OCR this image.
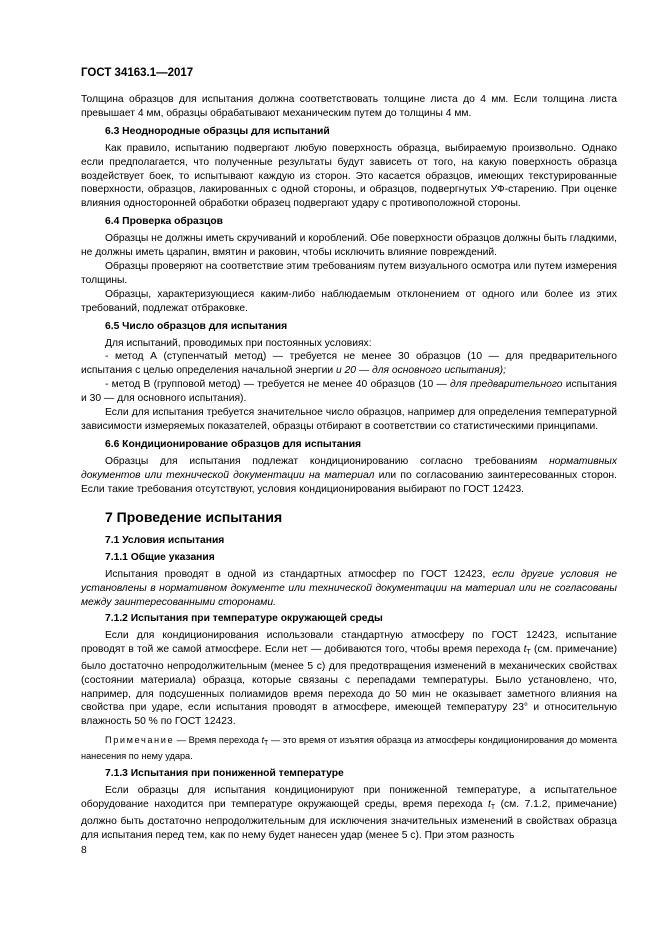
ГОСТ 34163.1—2017

Толщина образцов для испытания должна соответствовать толщине листа до 4 мм. Если толщина листа превышает 4 мм, образцы обрабатывают механическим путем до толщины 4 мм.

6.3 Неоднородные образцы для испытаний

Как правило, испытанию подвергают любую поверхность образца, выбираемую произвольно. Однако если предполагается, что полученные результаты будут зависеть от того, на какую поверхность образца воздействует боек, то испытывают каждую из сторон. Это касается образцов, имеющих текстурированные поверхности, образцов, лакированных с одной стороны, и образцов, подвергнутых УФ-старению. При оценке влияния односторонней обработки образец подвергают удару с противоположной стороны.

6.4 Проверка образцов

Образцы не должны иметь скручиваний и короблений. Обе поверхности образцов должны быть гладкими, не должны иметь царапин, вмятин и раковин, чтобы исключить влияние повреждений.

Образцы проверяют на соответствие этим требованиям путем визуального осмотра или путем измерения толщины.

Образцы, характеризующиеся каким-либо наблюдаемым отклонением от одного или более из этих требований, подлежат отбраковке.

6.5 Число образцов для испытания

Для испытаний, проводимых при постоянных условиях:

- метод А (ступенчатый метод) — требуется не менее 30 образцов (10 — для предварительного испытания с целью определения начальной энергии и 20 — для основного испытания);

- метод В (групповой метод) — требуется не менее 40 образцов (10 — для предварительного испытания и 30 — для основного испытания).

Если для испытания требуется значительное число образцов, например для определения температурной зависимости измеряемых показателей, образцы отбирают в соответствии со статистическими принципами.

6.6 Кондиционирование образцов для испытания

Образцы для испытания подлежат кондиционированию согласно требованиям нормативных документов или технической документации на материал или по согласованию заинтересованных сторон. Если такие требования отсутствуют, условия кондиционирования выбирают по ГОСТ 12423.

7 Проведение испытания
7.1 Условия испытания
7.1.1 Общие указания

Испытания проводят в одной из стандартных атмосфер по ГОСТ 12423, если другие условия не установлены в нормативном документе или технической документации на материал или не согласованы между заинтересованными сторонами.

7.1.2 Испытания при температуре окружающей среды

Если для кондиционирования использовали стандартную атмосферу по ГОСТ 12423, испытание проводят в той же самой атмосфере. Если нет — добиваются того, чтобы время перехода $t_T$ (см. примечание) было достаточно непродолжительным (менее 5 с) для предотвращения изменений в механических свойствах (состоянии материала) образца, которые связаны с перепадами температуры. Было установлено, что, например, для подсушенных полиамидов время перехода до 50 мин не оказывает заметного влияния на свойства при ударе, если испытания проводят в атмосфере, имеющей температуру 23° и относительную влажность 50 % по ГОСТ 12423.

Примечание — Время перехода $t_T$ — это время от изъятия образца из атмосферы кондиционирования до момента нанесения по нему удара.

7.1.3 Испытания при пониженной температуре

Если образцы для испытания кондиционируют при пониженной температуре, а испытательное оборудование находится при температуре окружающей среды, время перехода $t_T$ (см. 7.1.2, примечание) должно быть достаточно непродолжительным для исключения значительных изменений в свойствах образца для испытания перед тем, как по нему будет нанесен удар (менее 5 с). При этом разность

8
